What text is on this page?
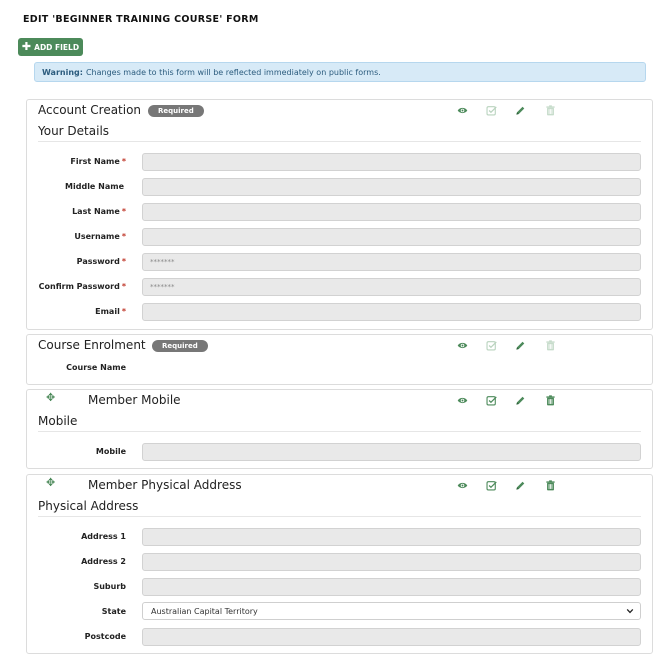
EDIT 'BEGINNER TRAINING COURSE' FORM
✚ ADD FIELD
Warning: Changes made to this form will be reflected immediately on public forms.
Account Creation	Required
Your Details
First Name *
Middle Name
Last Name *
Username *
Password *	*******
Confirm Password *	*******
Email *
Course Enrolment	Required
Course Name
✥	Member Mobile
Mobile
Mobile
✥	Member Physical Address
Physical Address
Address 1
Address 2
Suburb
State	Australian Capital Territory
Postcode
